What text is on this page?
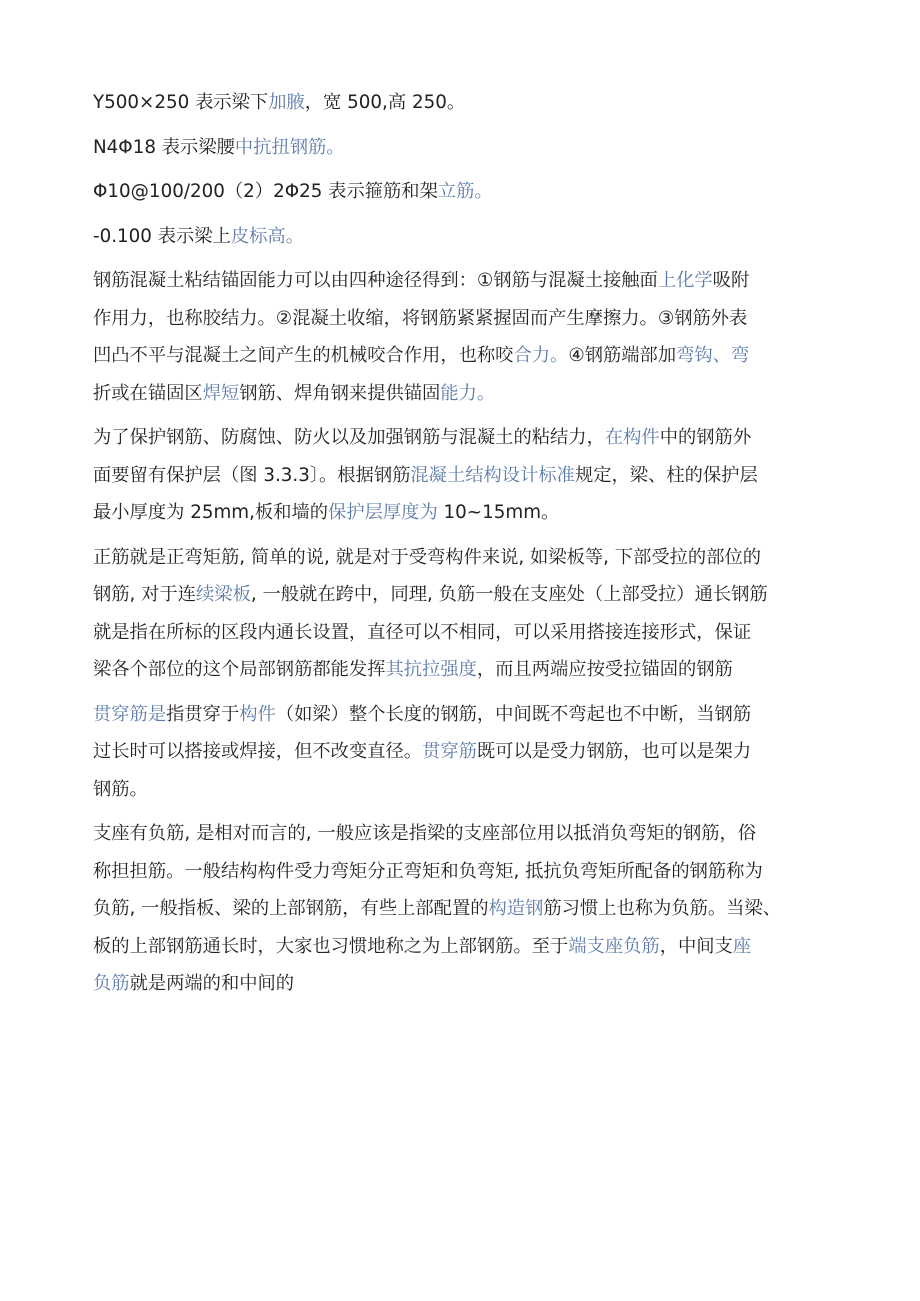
Y500×250 表示梁下加腋，宽 500,高 250。

N4Φ18 表示梁腰中抗扭钢筋。

Φ10@100/200（2）2Φ25 表示箍筋和架立筋。

-0.100 表示梁上皮标高。

钢筋混凝土粘结锚固能力可以由四种途径得到：①钢筋与混凝土接触面上化学吸附

作用力，也称胶结力。②混凝土收缩，将钢筋紧紧握固而产生摩擦力。③钢筋外表

凹凸不平与混凝土之间产生的机械咬合作用，也称咬合力。④钢筋端部加弯钩、弯

折或在锚固区焊短钢筋、焊角钢来提供锚固能力。

为了保护钢筋、防腐蚀、防火以及加强钢筋与混凝土的粘结力，在构件中的钢筋外

面要留有保护层（图 3.3.3〕。根据钢筋混凝土结构设计标准规定，梁、柱的保护层

最小厚度为 25mm,板和墙的保护层厚度为 10~15mm。

正筋就是正弯矩筋, 简单的说, 就是对于受弯构件来说, 如梁板等, 下部受拉的部位的

钢筋, 对于连续梁板, 一般就在跨中，同理, 负筋一般在支座处（上部受拉）通长钢筋

就是指在所标的区段内通长设置，直径可以不相同，可以采用搭接连接形式，保证

梁各个部位的这个局部钢筋都能发挥其抗拉强度，而且两端应按受拉锚固的钢筋

贯穿筋是指贯穿于构件（如梁）整个长度的钢筋，中间既不弯起也不中断，当钢筋

过长时可以搭接或焊接，但不改变直径。贯穿筋既可以是受力钢筋，也可以是架力

钢筋。

支座有负筋, 是相对而言的, 一般应该是指梁的支座部位用以抵消负弯矩的钢筋，俗

称担担筋。一般结构构件受力弯矩分正弯矩和负弯矩, 抵抗负弯矩所配备的钢筋称为

负筋, 一般指板、梁的上部钢筋，有些上部配置的构造钢筋习惯上也称为负筋。当梁、

板的上部钢筋通长时，大家也习惯地称之为上部钢筋。至于端支座负筋，中间支座

负筋就是两端的和中间的
